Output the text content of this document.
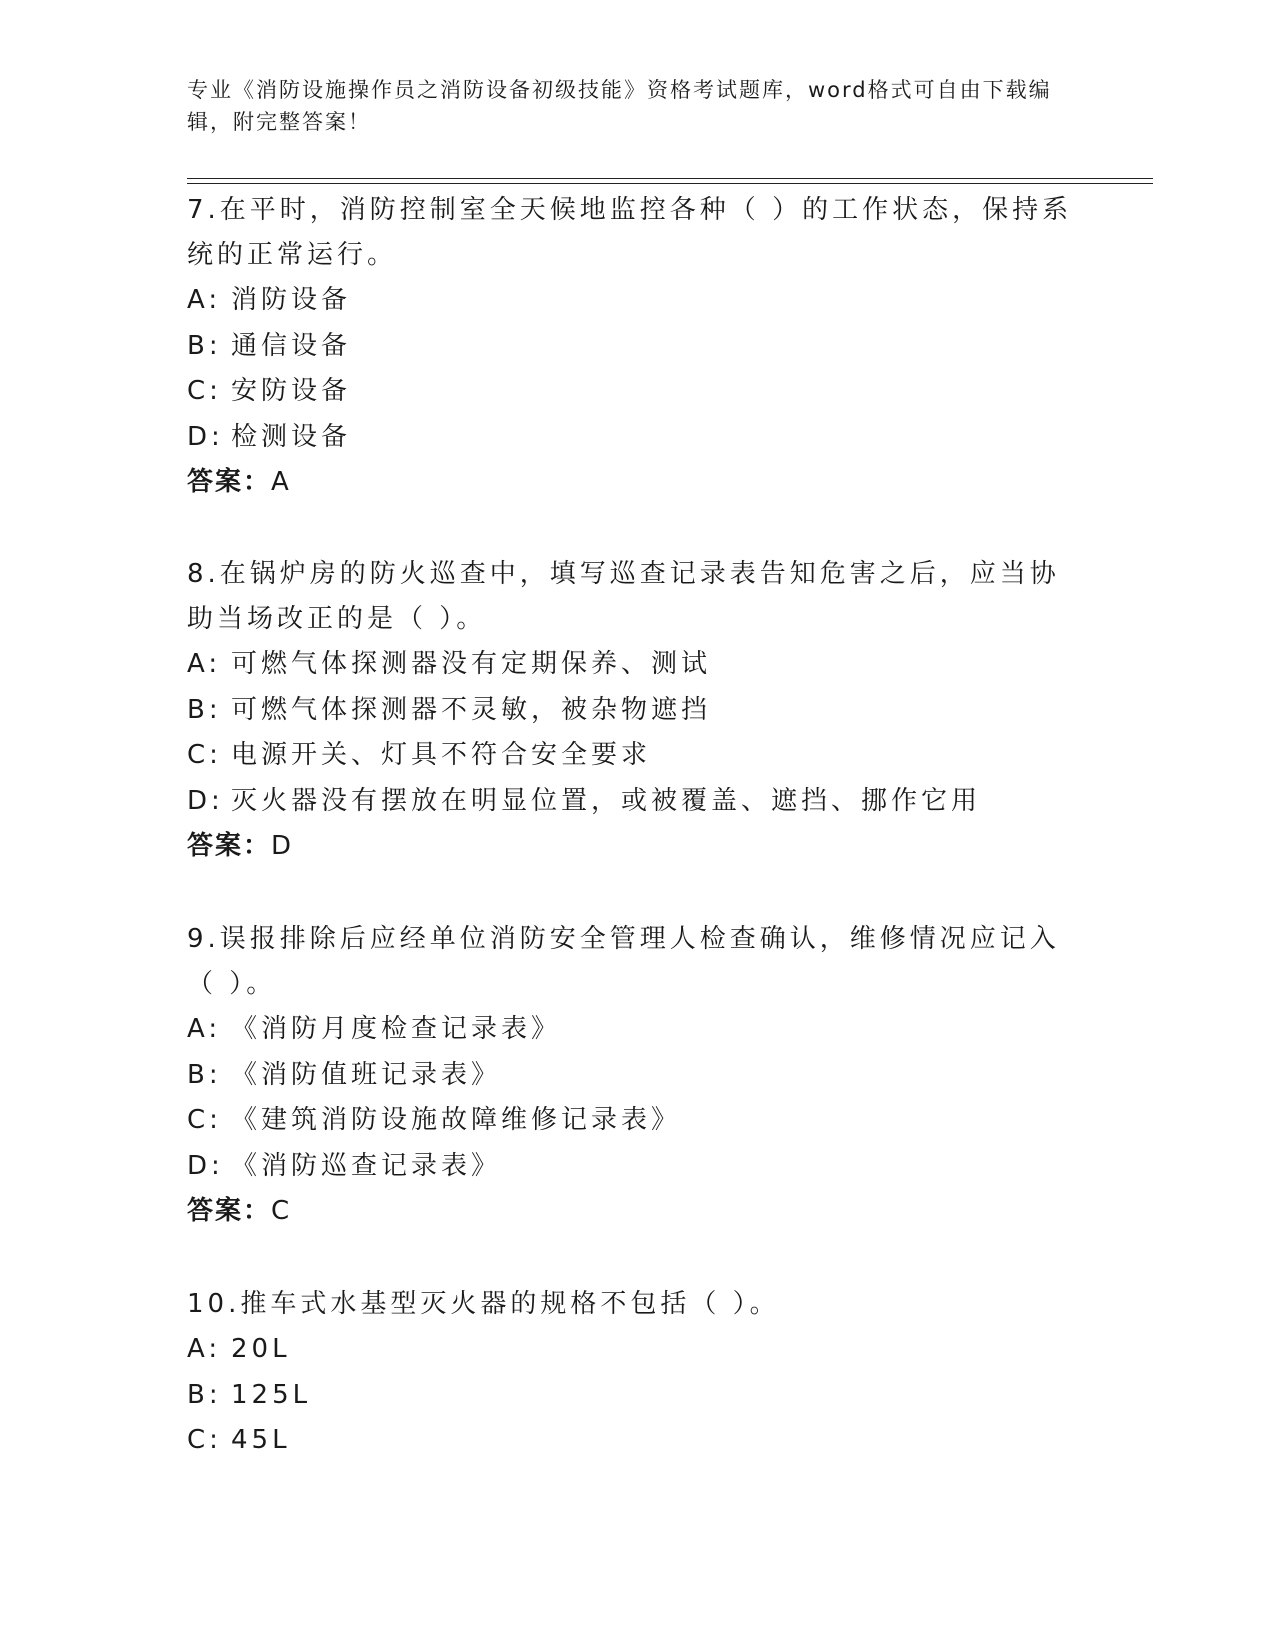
专业《消防设施操作员之消防设备初级技能》资格考试题库，word格式可自由下载编辑，附完整答案！

7.在平时，消防控制室全天候地监控各种（ ）的工作状态，保持系统的正常运行。

A: 消防设备

B: 通信设备

C: 安防设备

D: 检测设备

答案：A

8.在锅炉房的防火巡查中，填写巡查记录表告知危害之后，应当协助当场改正的是（ ）。

A: 可燃气体探测器没有定期保养、测试

B: 可燃气体探测器不灵敏，被杂物遮挡

C: 电源开关、灯具不符合安全要求

D: 灭火器没有摆放在明显位置，或被覆盖、遮挡、挪作它用

答案：D

9.误报排除后应经单位消防安全管理人检查确认，维修情况应记入（ ）。

A: 《消防月度检查记录表》

B: 《消防值班记录表》

C: 《建筑消防设施故障维修记录表》

D: 《消防巡查记录表》

答案：C

10.推车式水基型灭火器的规格不包括（ ）。

A: 20L

B: 125L

C: 45L
